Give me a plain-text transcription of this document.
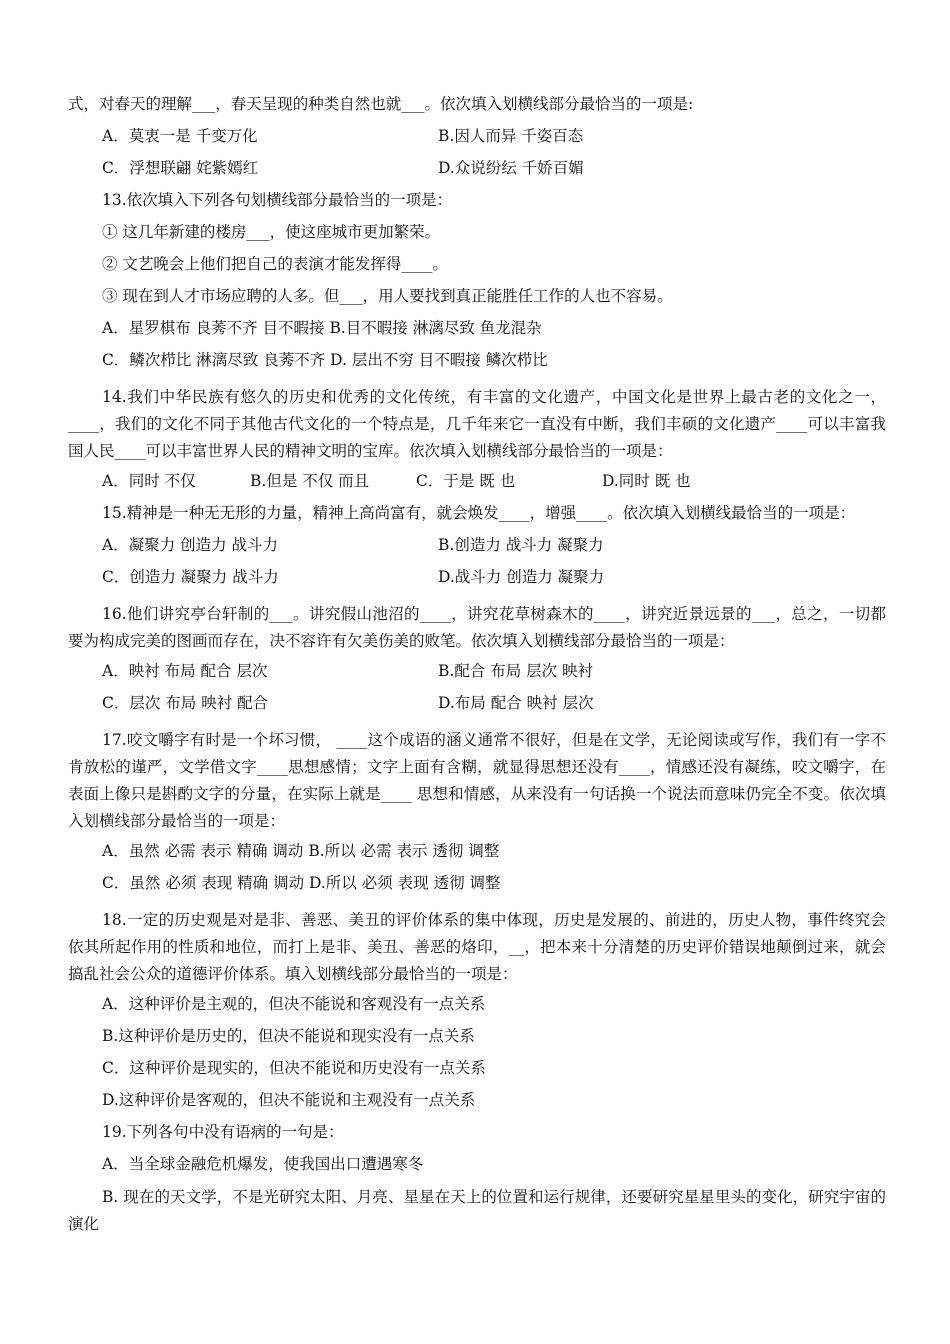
式，对春天的理解___，春天呈现的种类自然也就___。依次填入划横线部分最恰当的一项是:
A．莫衷一是 千变万化	B.因人而异 千姿百态
C．浮想联翩 姹紫嫣红	D.众说纷纭 千娇百媚
13.依次填入下列各句划横线部分最恰当的一项是：
① 这几年新建的楼房___，使这座城市更加繁荣。
② 文艺晚会上他们把自己的表演才能发挥得____。
③ 现在到人才市场应聘的人多。但___，用人要找到真正能胜任工作的人也不容易。
A．星罗棋布 良莠不齐 目不暇接 B.目不暇接 淋漓尽致 鱼龙混杂
C．鳞次栉比 淋漓尽致 良莠不齐 D. 层出不穷 目不暇接 鳞次栉比

14.我们中华民族有悠久的历史和优秀的文化传统，有丰富的文化遗产，中国文化是世界上最古老的文化之一，____，我们的文化不同于其他古代文化的一个特点是，几千年来它一直没有中断，我们丰硕的文化遗产____可以丰富我国人民____可以丰富世界人民的精神文明的宝库。依次填入划横线部分最恰当的一项是：

A．同时 不仅	B.但是 不仅 而且	C．于是 既 也	D.同时 既 也
15.精神是一种无无形的力量，精神上高尚富有，就会焕发____，增强____。依次填入划横线最恰当的一项是：
A．凝聚力 创造力 战斗力	B.创造力 战斗力 凝聚力
C．创造力 凝聚力 战斗力	D.战斗力 创造力 凝聚力

16.他们讲究亭台轩制的___。讲究假山池沼的____，讲究花草树森木的____，讲究近景远景的___，总之，一切都要为构成完美的图画而存在，决不容许有欠美伤美的败笔。依次填入划横线部分最恰当的一项是：

A．映衬 布局 配合 层次	B.配合 布局 层次 映衬
C．层次 布局 映衬 配合	D.布局 配合 映衬 层次

17.咬文嚼字有时是一个坏习惯， ____这个成语的涵义通常不很好，但是在文学，无论阅读或写作，我们有一字不肯放松的谨严，文学借文字____思想感情；文字上面有含糊，就显得思想还没有____，情感还没有凝练，咬文嚼字，在表面上像只是斟酌文字的分量，在实际上就是____ 思想和情感，从来没有一句话换一个说法而意味仍完全不变。依次填入划横线部分最恰当的一项是：

A．虽然 必需 表示 精确 调动 B.所以 必需 表示 透彻 调整
C．虽然 必须 表现 精确 调动 D.所以 必须 表现 透彻 调整

18.一定的历史观是对是非、善恶、美丑的评价体系的集中体现，历史是发展的、前进的，历史人物，事件终究会依其所起作用的性质和地位，而打上是非、美丑、善恶的烙印，__，把本来十分清楚的历史评价错误地颠倒过来，就会搞乱社会公众的道德评价体系。填入划横线部分最恰当的一项是：

A．这种评价是主观的，但决不能说和客观没有一点关系
B.这种评价是历史的，但决不能说和现实没有一点关系
C．这种评价是现实的，但决不能说和历史没有一点关系
D.这种评价是客观的，但决不能说和主观没有一点关系
19.下列各句中没有语病的一句是：
A．当全球金融危机爆发，使我国出口遭遇寒冬

B. 现在的天文学，不是光研究太阳、月亮、星星在天上的位置和运行规律，还要研究星星里头的变化，研究宇宙的演化
